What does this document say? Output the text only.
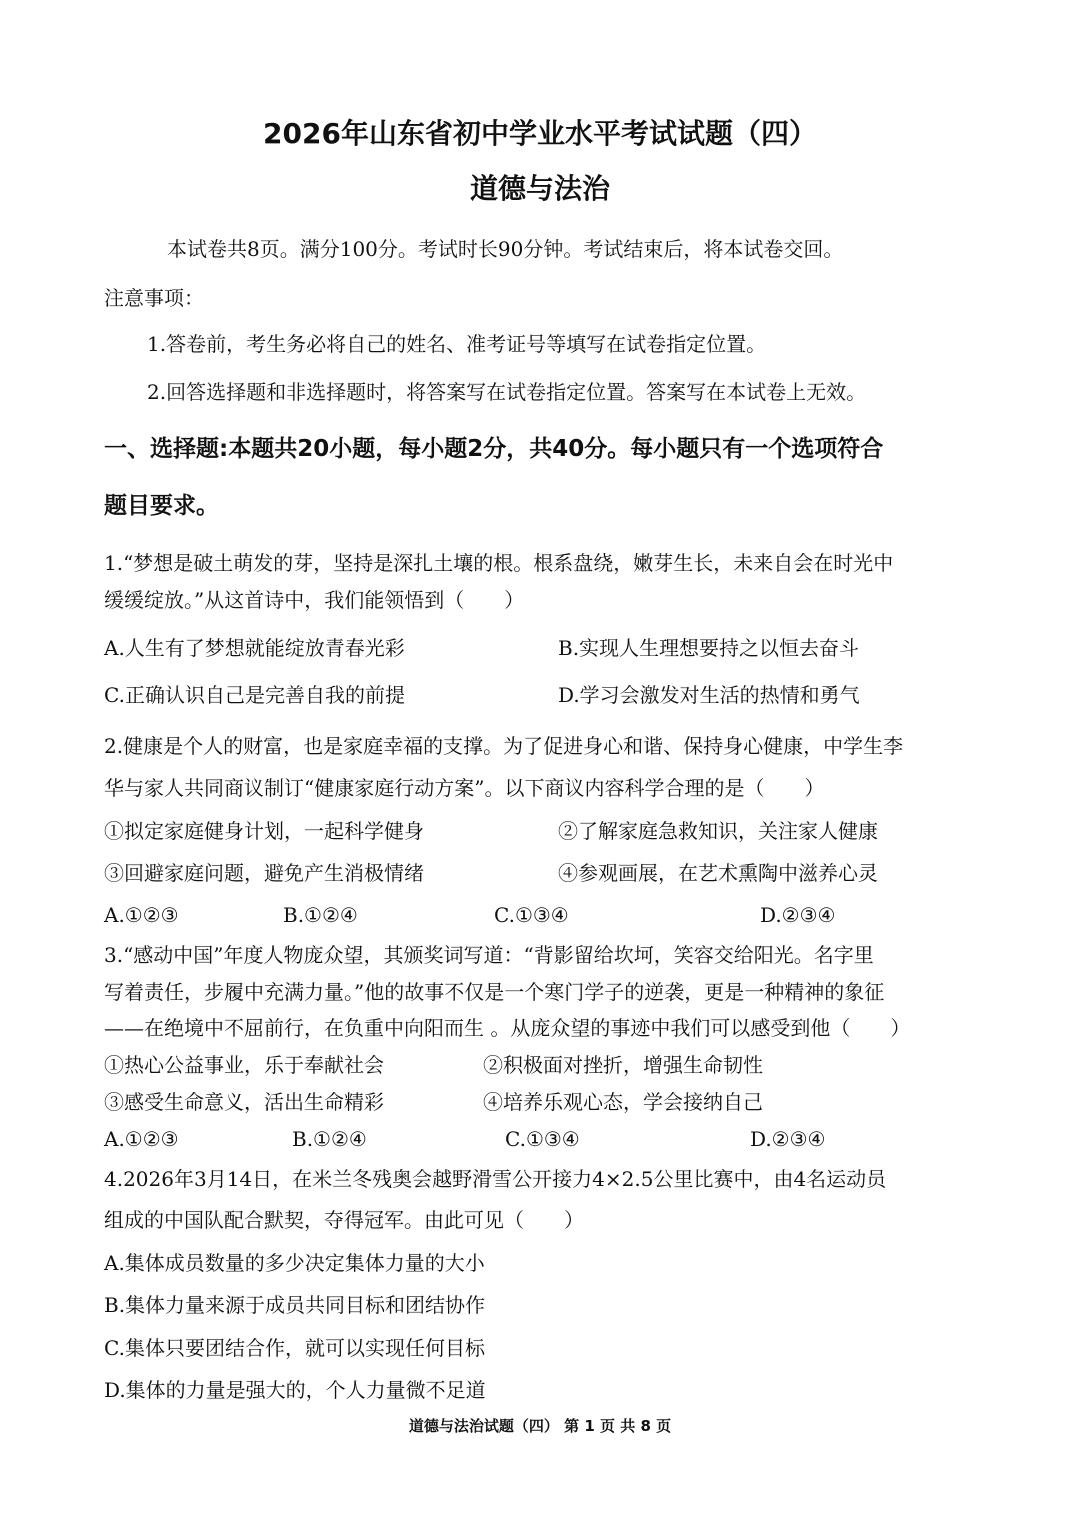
2026年山东省初中学业水平考试试题（四）
道德与法治
本试卷共8页。满分100分。考试时长90分钟。考试结束后，将本试卷交回。
注意事项：
1.答卷前，考生务必将自己的姓名、准考证号等填写在试卷指定位置。
2.回答选择题和非选择题时，将答案写在试卷指定位置。答案写在本试卷上无效。
一、选择题:本题共20小题，每小题2分，共40分。每小题只有一个选项符合
题目要求。
1.“梦想是破土萌发的芽，坚持是深扎土壤的根。根系盘绕，嫩芽生长，未来自会在时光中
缓缓绽放。”从这首诗中，我们能领悟到（　　）
A.人生有了梦想就能绽放青春光彩	B.实现人生理想要持之以恒去奋斗
C.正确认识自己是完善自我的前提	D.学习会激发对生活的热情和勇气
2.健康是个人的财富，也是家庭幸福的支撑。为了促进身心和谐、保持身心健康，中学生李
华与家人共同商议制订“健康家庭行动方案”。以下商议内容科学合理的是（　　）
①拟定家庭健身计划，一起科学健身	②了解家庭急救知识，关注家人健康
③回避家庭问题，避免产生消极情绪	④参观画展，在艺术熏陶中滋养心灵
A.①②③	B.①②④	C.①③④	D.②③④
3.“感动中国”年度人物庞众望，其颁奖词写道：“背影留给坎坷，笑容交给阳光。名字里
写着责任，步履中充满力量。”他的故事不仅是一个寒门学子的逆袭，更是一种精神的象征
——在绝境中不屈前行，在负重中向阳而生 。从庞众望的事迹中我们可以感受到他（　　）
①热心公益事业，乐于奉献社会	②积极面对挫折，增强生命韧性
③感受生命意义，活出生命精彩	④培养乐观心态，学会接纳自己
A.①②③	B.①②④	C.①③④	D.②③④
4.2026年3月14日，在米兰冬残奥会越野滑雪公开接力4×2.5公里比赛中，由4名运动员
组成的中国队配合默契，夺得冠军。由此可见（　　）
A.集体成员数量的多少决定集体力量的大小
B.集体力量来源于成员共同目标和团结协作
C.集体只要团结合作，就可以实现任何目标
D.集体的力量是强大的，个人力量微不足道
道德与法治试题（四） 第 1 页 共 8 页
